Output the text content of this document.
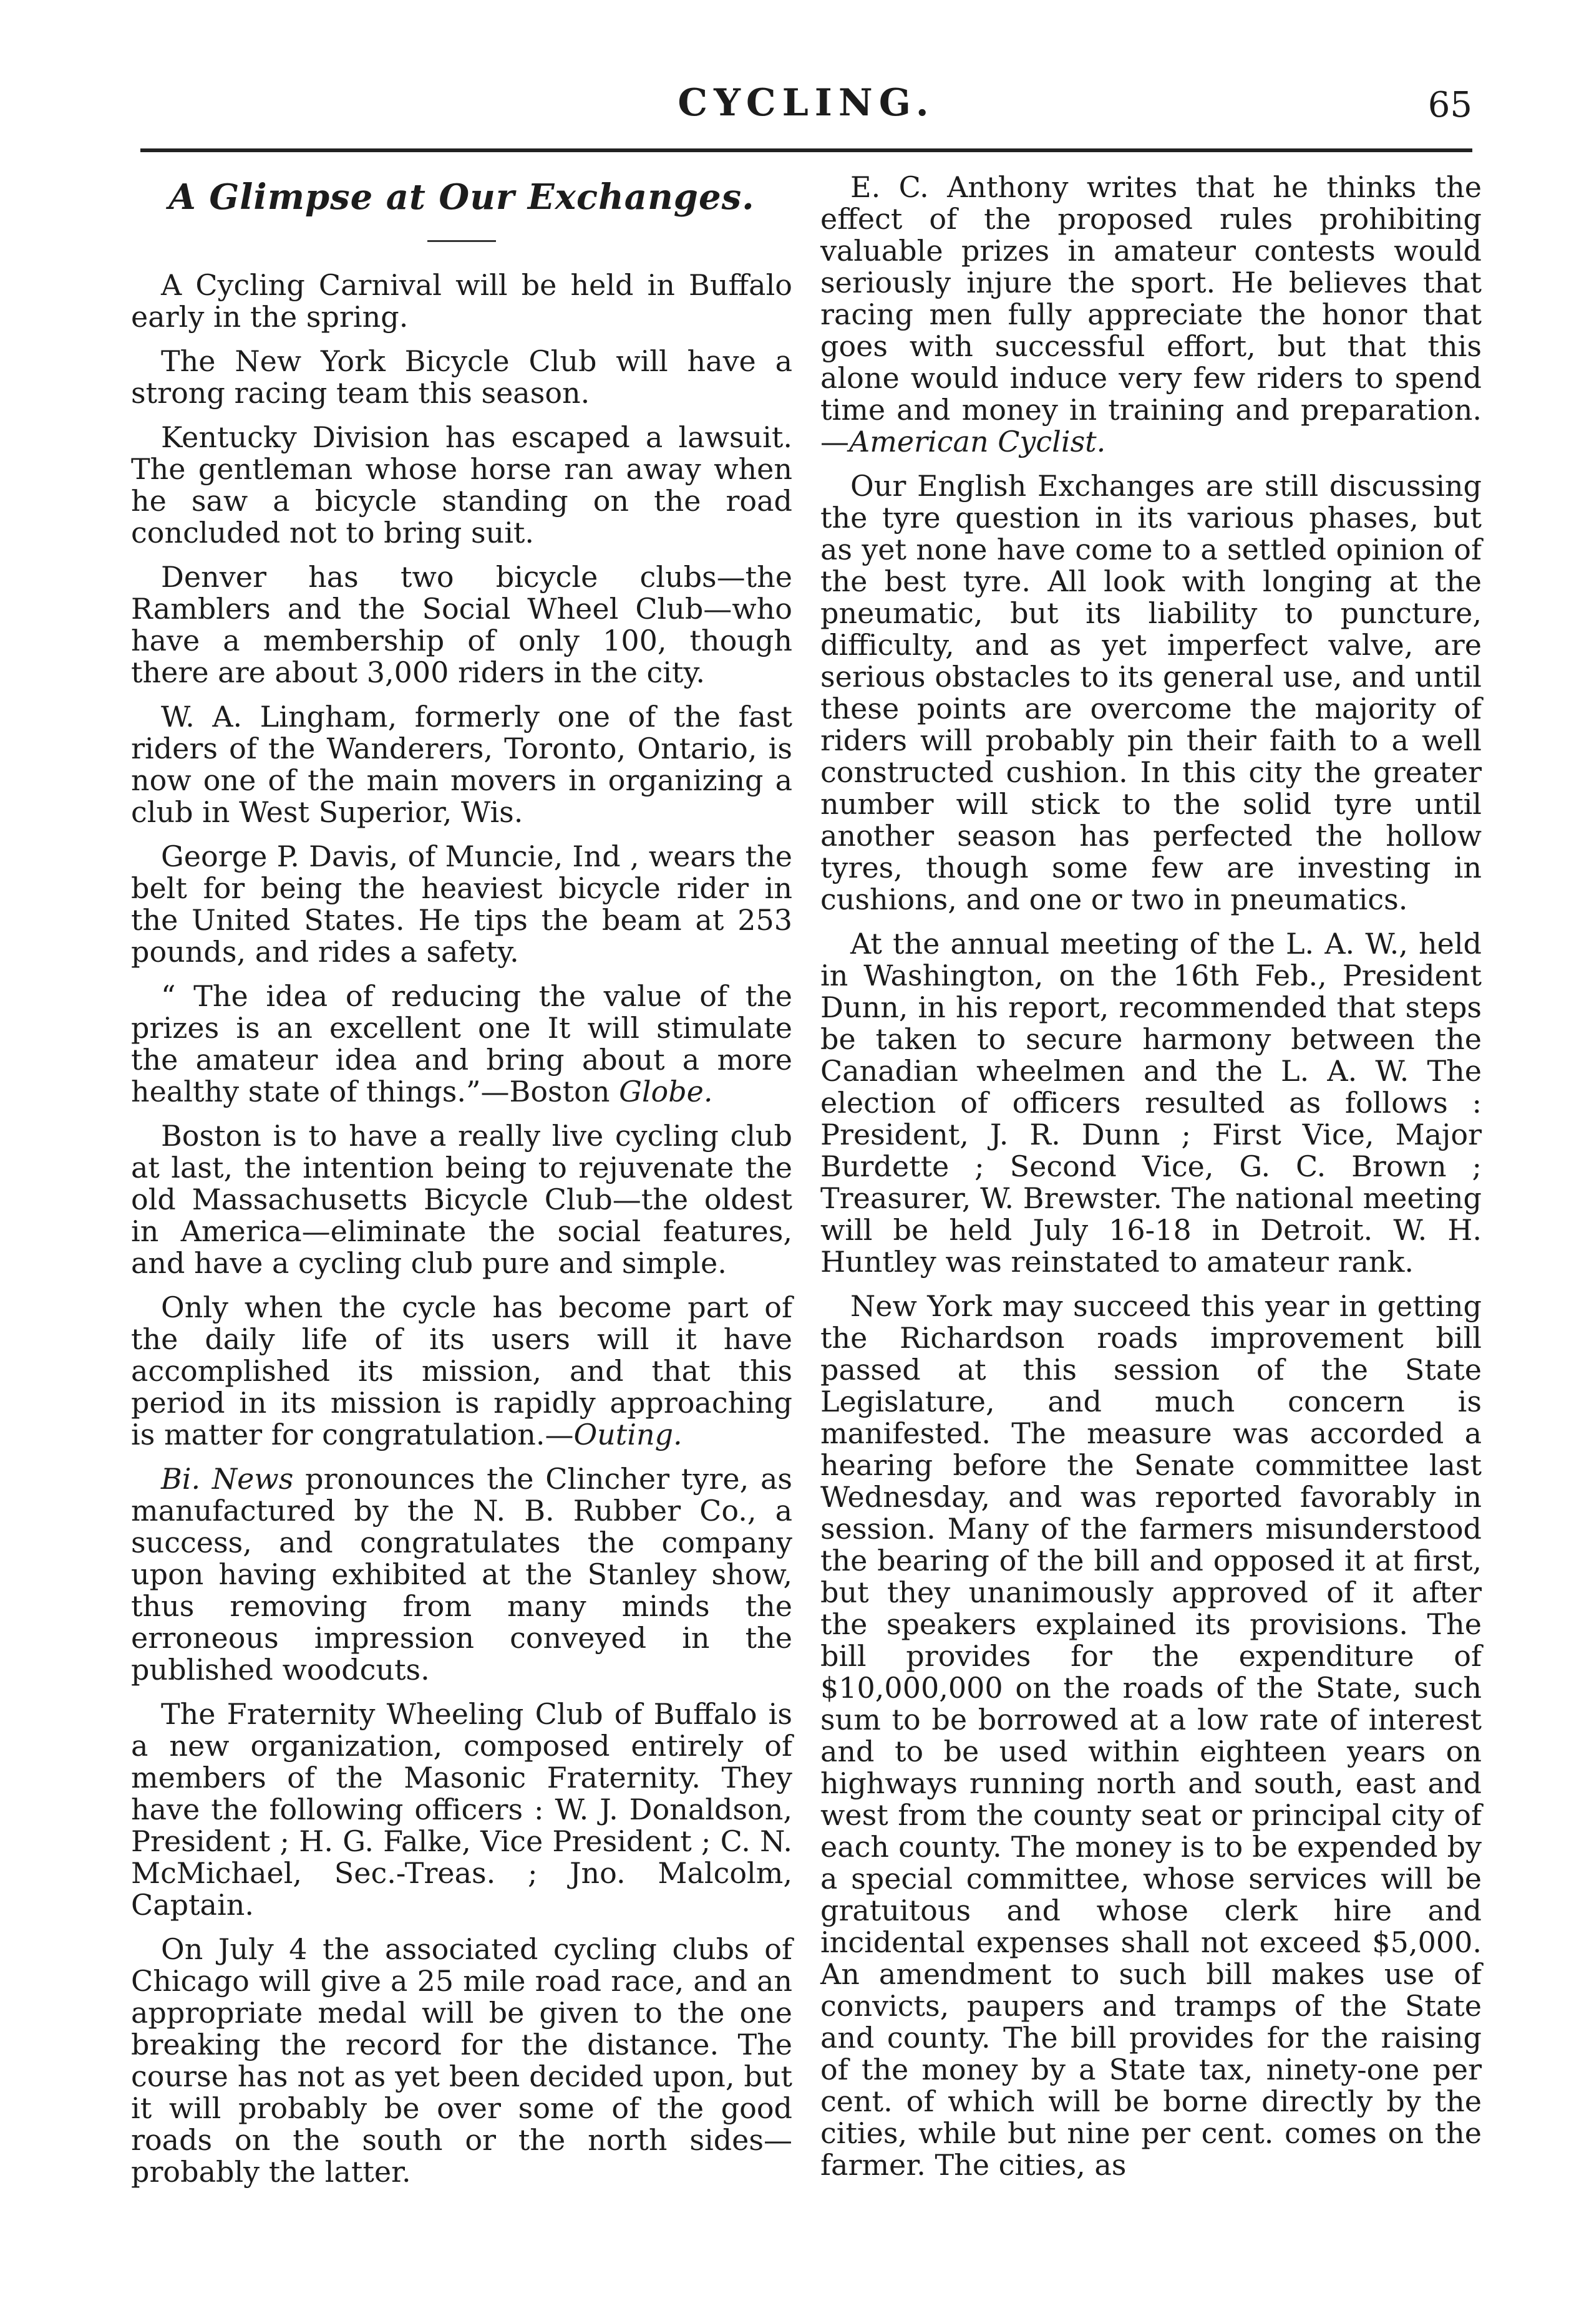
CYCLING.	65
A Glimpse at Our Exchanges.

A Cycling Carnival will be held in Buffalo early in the spring.

The New York Bicycle Club will have a strong racing team this season.

Kentucky Division has escaped a lawsuit. The gentleman whose horse ran away when he saw a bicycle standing on the road concluded not to bring suit.

Denver has two bicycle clubs—the Ramblers and the Social Wheel Club—who have a membership of only 100, though there are about 3,000 riders in the city.

W. A. Lingham, formerly one of the fast riders of the Wanderers, Toronto, Ontario, is now one of the main movers in organizing a club in West Superior, Wis.

George P. Davis, of Muncie, Ind , wears the belt for being the heaviest bicycle rider in the United States. He tips the beam at 253 pounds, and rides a safety.

“ The idea of reducing the value of the prizes is an excellent one It will stimulate the amateur idea and bring about a more healthy state of things.”—Boston Globe.

Boston is to have a really live cycling club at last, the intention being to rejuvenate the old Massachusetts Bicycle Club—the oldest in America—eliminate the social features, and have a cycling club pure and simple.

Only when the cycle has become part of the daily life of its users will it have accomplished its mission, and that this period in its mission is rapidly approaching is matter for congratulation.—Outing.

Bi. News pronounces the Clincher tyre, as manufactured by the N. B. Rubber Co., a success, and congratulates the company upon having exhibited at the Stanley show, thus removing from many minds the erroneous impression conveyed in the published woodcuts.

The Fraternity Wheeling Club of Buffalo is a new organization, composed entirely of members of the Masonic Fraternity. They have the following officers : W. J. Donaldson, President ; H. G. Falke, Vice President ; C. N. McMichael, Sec.-Treas. ; Jno. Malcolm, Captain.

On July 4 the associated cycling clubs of Chicago will give a 25 mile road race, and an appropriate medal will be given to the one breaking the record for the distance. The course has not as yet been decided upon, but it will probably be over some of the good roads on the south or the north sides—probably the latter.

E. C. Anthony writes that he thinks the effect of the proposed rules prohibiting valuable prizes in amateur contests would seriously injure the sport. He believes that racing men fully appreciate the honor that goes with successful effort, but that this alone would induce very few riders to spend time and money in training and preparation.—American Cyclist.

Our English Exchanges are still discussing the tyre question in its various phases, but as yet none have come to a settled opinion of the best tyre. All look with longing at the pneumatic, but its liability to puncture, difficulty, and as yet imperfect valve, are serious obstacles to its general use, and until these points are overcome the majority of riders will probably pin their faith to a well constructed cushion. In this city the greater number will stick to the solid tyre until another season has perfected the hollow tyres, though some few are investing in cushions, and one or two in pneumatics.

At the annual meeting of the L. A. W., held in Washington, on the 16th Feb., President Dunn, in his report, recommended that steps be taken to secure harmony between the Canadian wheelmen and the L. A. W. The election of officers resulted as follows : President, J. R. Dunn ; First Vice, Major Burdette ; Second Vice, G. C. Brown ; Treasurer, W. Brewster. The national meeting will be held July 16-18 in Detroit. W. H. Huntley was reinstated to amateur rank.

New York may succeed this year in getting the Richardson roads improvement bill passed at this session of the State Legislature, and much concern is manifested. The measure was accorded a hearing before the Senate committee last Wednesday, and was reported favorably in session. Many of the farmers misunderstood the bearing of the bill and opposed it at first, but they unanimously approved of it after the speakers explained its provisions. The bill provides for the expenditure of $10,000,000 on the roads of the State, such sum to be borrowed at a low rate of interest and to be used within eighteen years on highways running north and south, east and west from the county seat or principal city of each county. The money is to be expended by a special committee, whose services will be gratuitous and whose clerk hire and incidental expenses shall not exceed $5,000. An amendment to such bill makes use of convicts, paupers and tramps of the State and county. The bill provides for the raising of the money by a State tax, ninety-one per cent. of which will be borne directly by the cities, while but nine per cent. comes on the farmer. The cities, as
